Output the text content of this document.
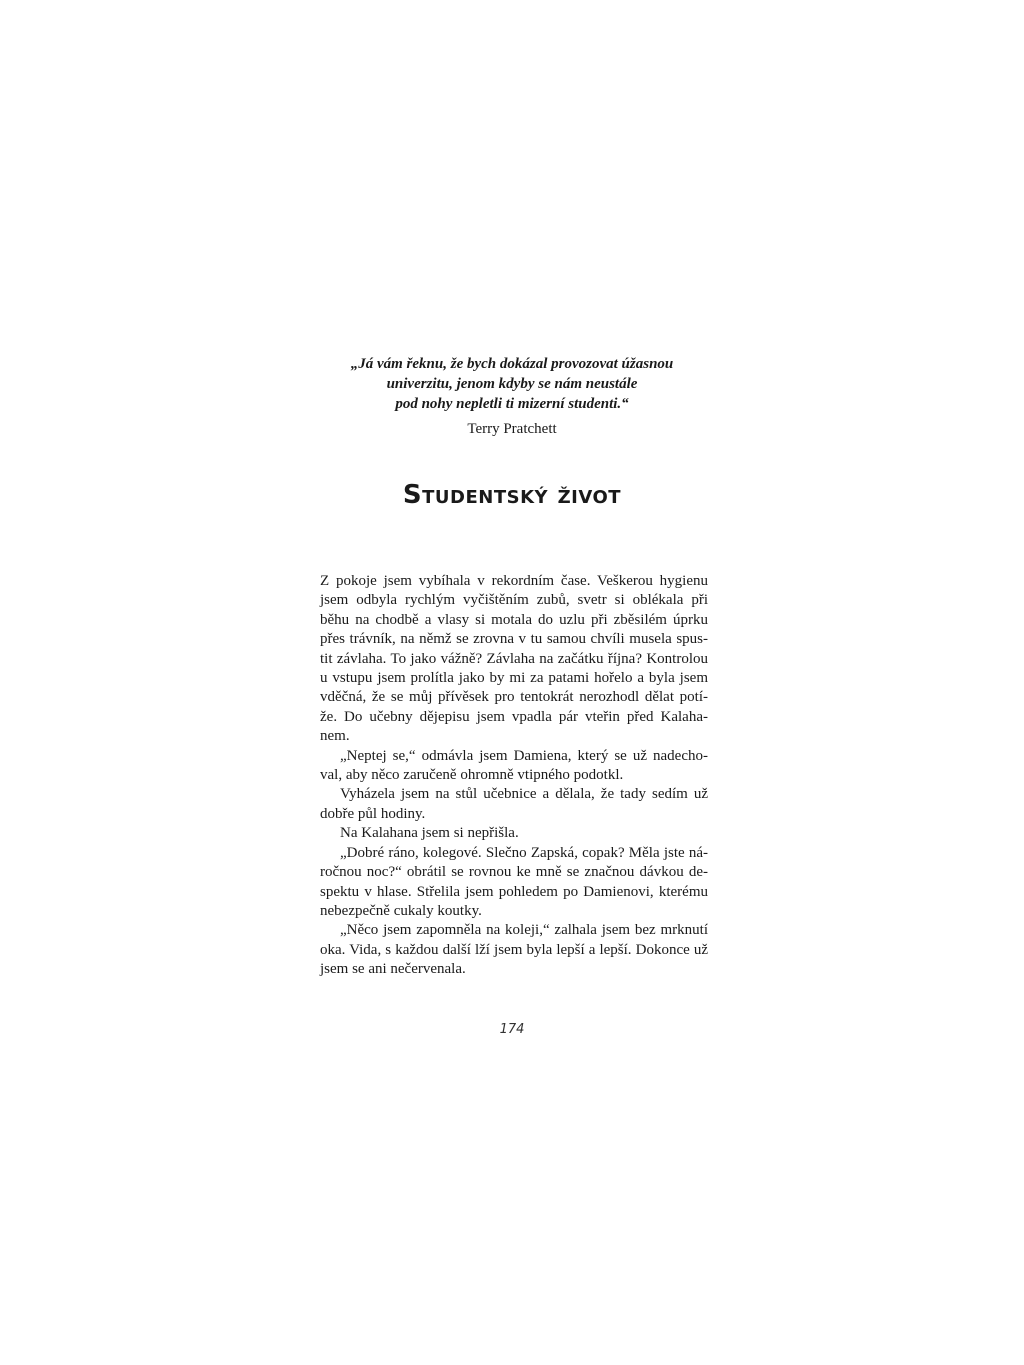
„Já vám řeknu, že bych dokázal provozovat úžasnou
univerzitu, jenom kdyby se nám neustále
pod nohy nepletli ti mizerní studenti.“
Terry Pratchett
Studentský život
Z pokoje jsem vybíhala v rekordním čase. Veškerou hygienu
jsem odbyla rychlým vyčištěním zubů, svetr si oblékala při
běhu na chodbě a vlasy si motala do uzlu při zběsilém úprku
přes trávník, na němž se zrovna v tu samou chvíli musela spus-
tit závlaha. To jako vážně? Závlaha na začátku října? Kontrolou
u vstupu jsem prolítla jako by mi za patami hořelo a byla jsem
vděčná, že se můj přívěsek pro tentokrát nerozhodl dělat potí-
že. Do učebny dějepisu jsem vpadla pár vteřin před Kalaha-
nem.
„Neptej se,“ odmávla jsem Damiena, který se už nadecho-
val, aby něco zaručeně ohromně vtipného podotkl.
Vyházela jsem na stůl učebnice a dělala, že tady sedím už
dobře půl hodiny.
Na Kalahana jsem si nepřišla.
„Dobré ráno, kolegové. Slečno Zapská, copak? Měla jste ná-
ročnou noc?“ obrátil se rovnou ke mně se značnou dávkou de-
spektu v hlase. Střelila jsem pohledem po Damienovi, kterému
nebezpečně cukaly koutky.
„Něco jsem zapomněla na koleji,“ zalhala jsem bez mrknutí
oka. Vida, s každou další lží jsem byla lepší a lepší. Dokonce už
jsem se ani nečervenala.
174
